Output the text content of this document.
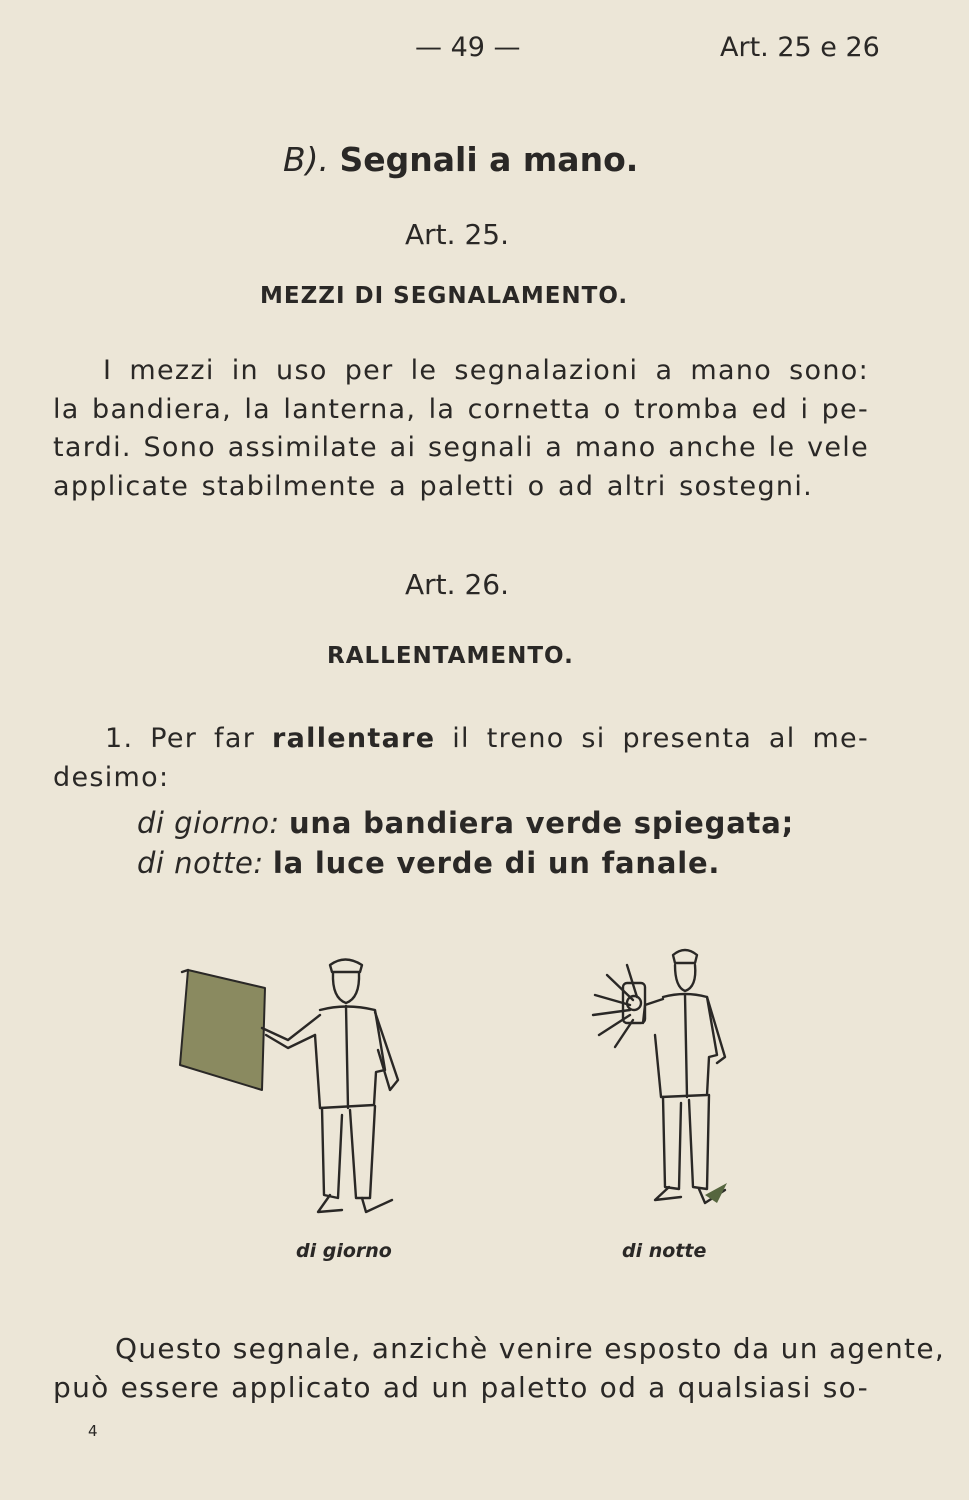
— 49 —	Art. 25 e 26
B). Segnali a mano.
Art. 25.
MEZZI DI SEGNALAMENTO.
I mezzi in uso per le segnalazioni a mano sono:
la bandiera, la lanterna, la cornetta o tromba ed i pe-
tardi. Sono assimilate ai segnali a mano anche le vele
applicate stabilmente a paletti o ad altri sostegni.
Art. 26.
RALLENTAMENTO.
1. Per far rallentare il treno si presenta al me-
desimo:
di giorno: una bandiera verde spiegata;
di notte: la luce verde di un fanale.
di giorno	di notte
Questo segnale, anzichè venire esposto da un agente,
può essere applicato ad un paletto od a qualsiasi so-
4
